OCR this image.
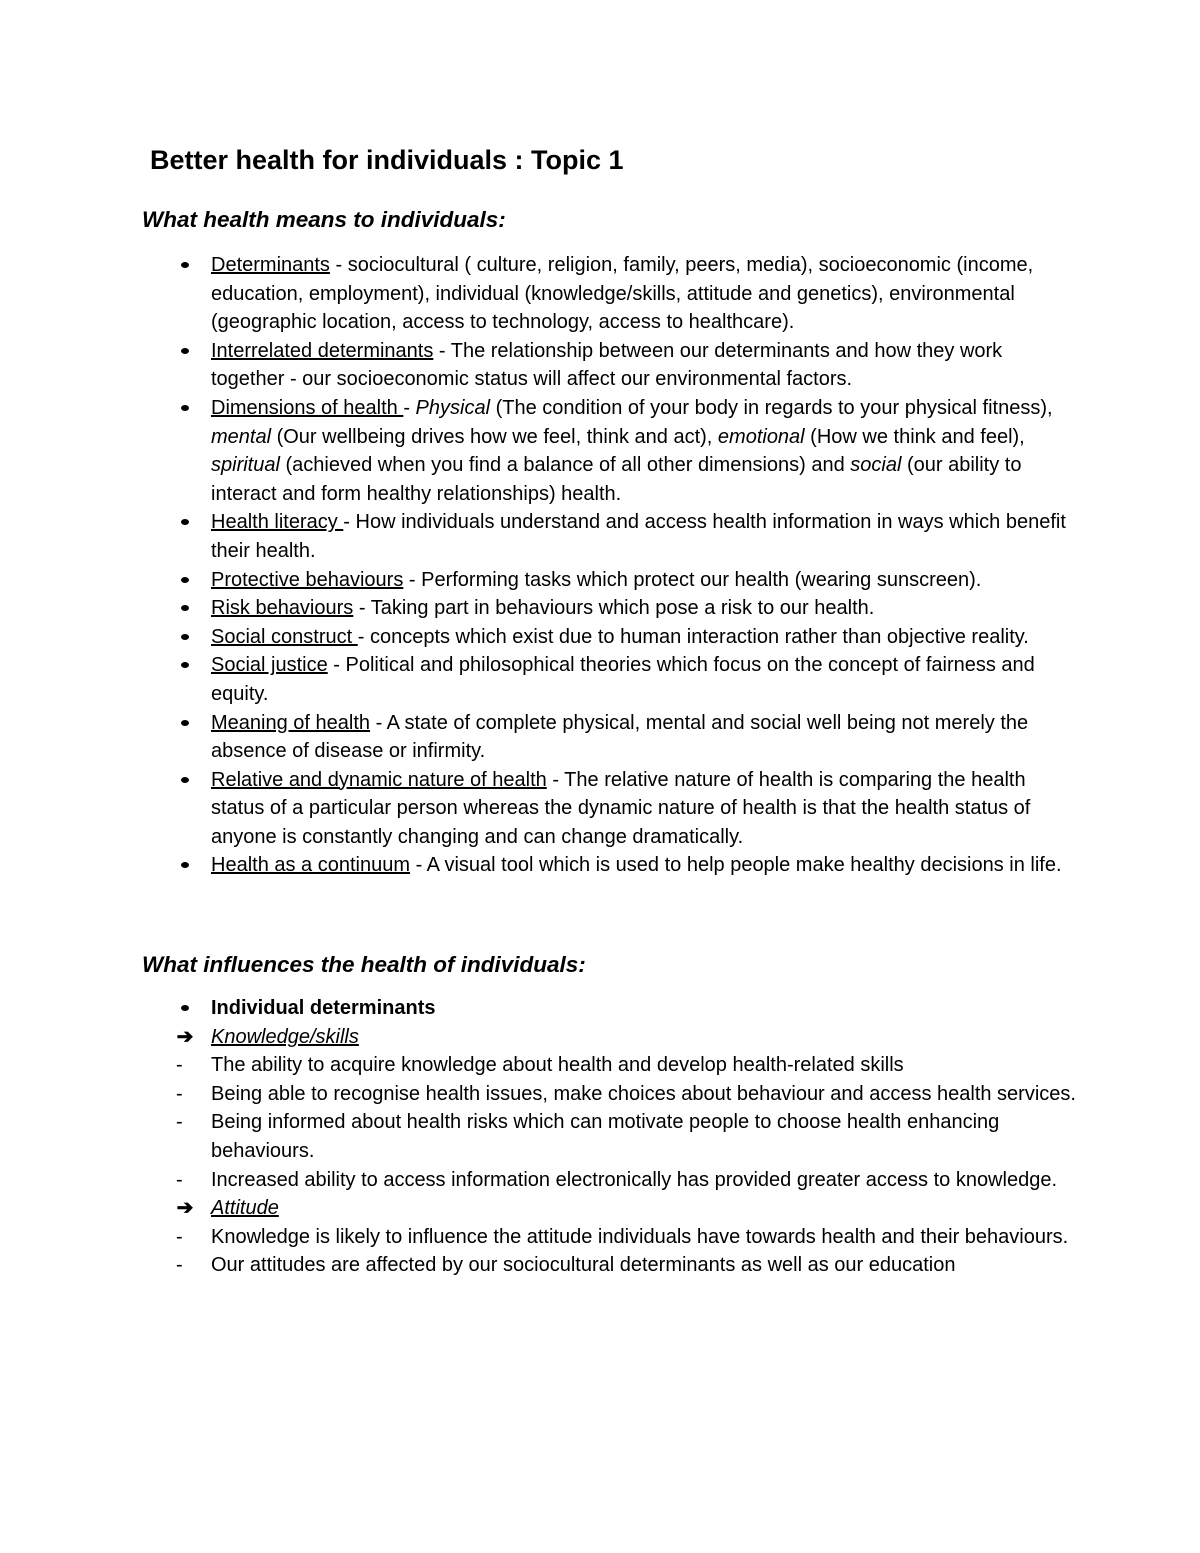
Better health for individuals : Topic 1
What health means to individuals:
Determinants - sociocultural ( culture, religion, family, peers, media), socioeconomic (income, education, employment), individual (knowledge/skills, attitude and genetics), environmental (geographic location, access to technology, access to healthcare).
Interrelated determinants - The relationship between our determinants and how they work together - our socioeconomic status will affect our environmental factors.
Dimensions of health - Physical (The condition of your body in regards to your physical fitness), mental (Our wellbeing drives how we feel, think and act), emotional (How we think and feel), spiritual (achieved when you find a balance of all other dimensions) and social (our ability to interact and form healthy relationships) health.
Health literacy - How individuals understand and access health information in ways which benefit their health.
Protective behaviours - Performing tasks which protect our health (wearing sunscreen).
Risk behaviours - Taking part in behaviours which pose a risk to our health.
Social construct - concepts which exist due to human interaction rather than objective reality.
Social justice - Political and philosophical theories which focus on the concept of fairness and equity.
Meaning of health - A state of complete physical, mental and social well being not merely the absence of disease or infirmity.
Relative and dynamic nature of health - The relative nature of health is comparing the health status of a particular person whereas the dynamic nature of health is that the health status of anyone is constantly changing and can change dramatically.
Health as a continuum - A visual tool which is used to help people make healthy decisions in life.
What influences the health of individuals:
Individual determinants
➔ Knowledge/skills
-	The ability to acquire knowledge about health and develop health-related skills
-	Being able to recognise health issues, make choices about behaviour and access health services.
-	Being informed about health risks which can motivate people to choose health enhancing behaviours.
-	Increased ability to access information electronically has provided greater access to knowledge.
➔ Attitude
-	Knowledge is likely to influence the attitude individuals have towards health and their behaviours.
-	Our attitudes are affected by our sociocultural determinants as well as our education
